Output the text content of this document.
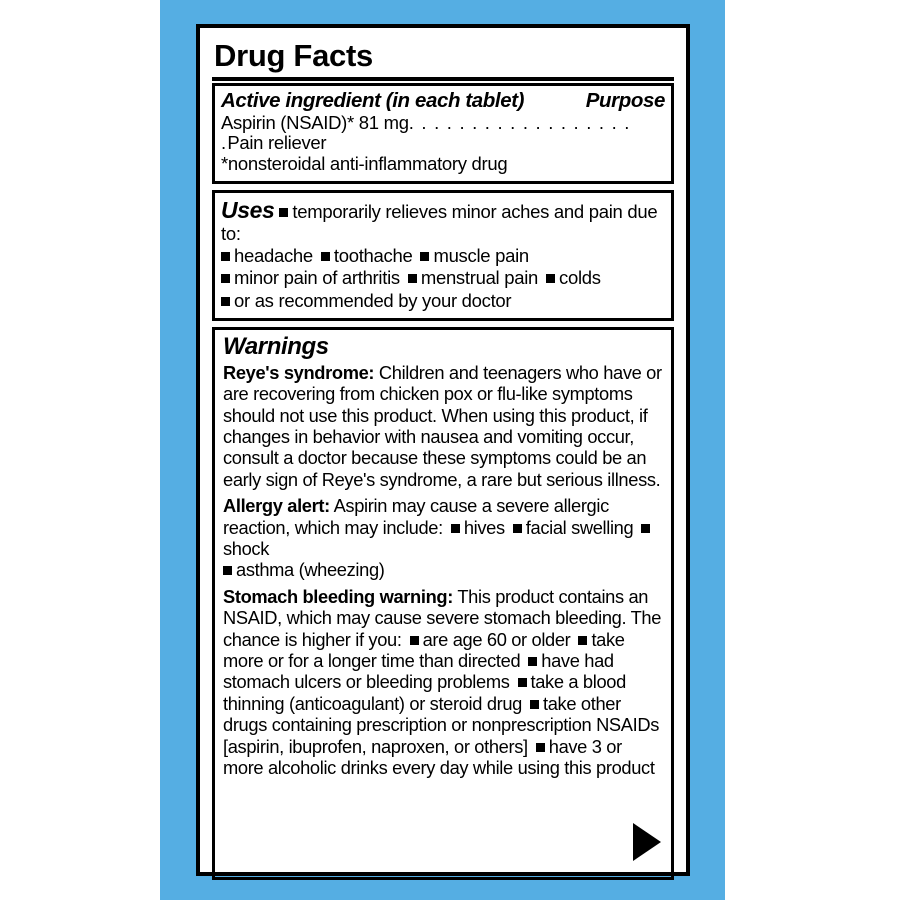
Drug Facts
Active ingredient (in each tablet)	Purpose
Aspirin (NSAID)* 81 mg. . . . . . . . . . . . . . . . . . .Pain reliever
*nonsteroidal anti-inflammatory drug
Uses temporarily relieves minor aches and pain due to:
headache toothache muscle pain
minor pain of arthritis menstrual pain colds
or as recommended by your doctor
Warnings
Reye's syndrome: Children and teenagers who have or are recovering from chicken pox or flu-like symptoms should not use this product. When using this product, if changes in behavior with nausea and vomiting occur, consult a doctor because these symptoms could be an early sign of Reye's syndrome, a rare but serious illness.
Allergy alert: Aspirin may cause a severe allergic reaction, which may include: hives facial swellingshock
asthma (wheezing)
Stomach bleeding warning: This product contains an NSAID, which may cause severe stomach bleeding. The chance is higher if you: are age 60 or older take more or for a longer time than directed have had stomach ulcers or bleeding problems take a blood thinning (anticoagulant) or steroid drug take other drugs containing prescription or nonprescription NSAIDs [aspirin, ibuprofen, naproxen, or others] have 3 or more alcoholic drinks every day while using this product
